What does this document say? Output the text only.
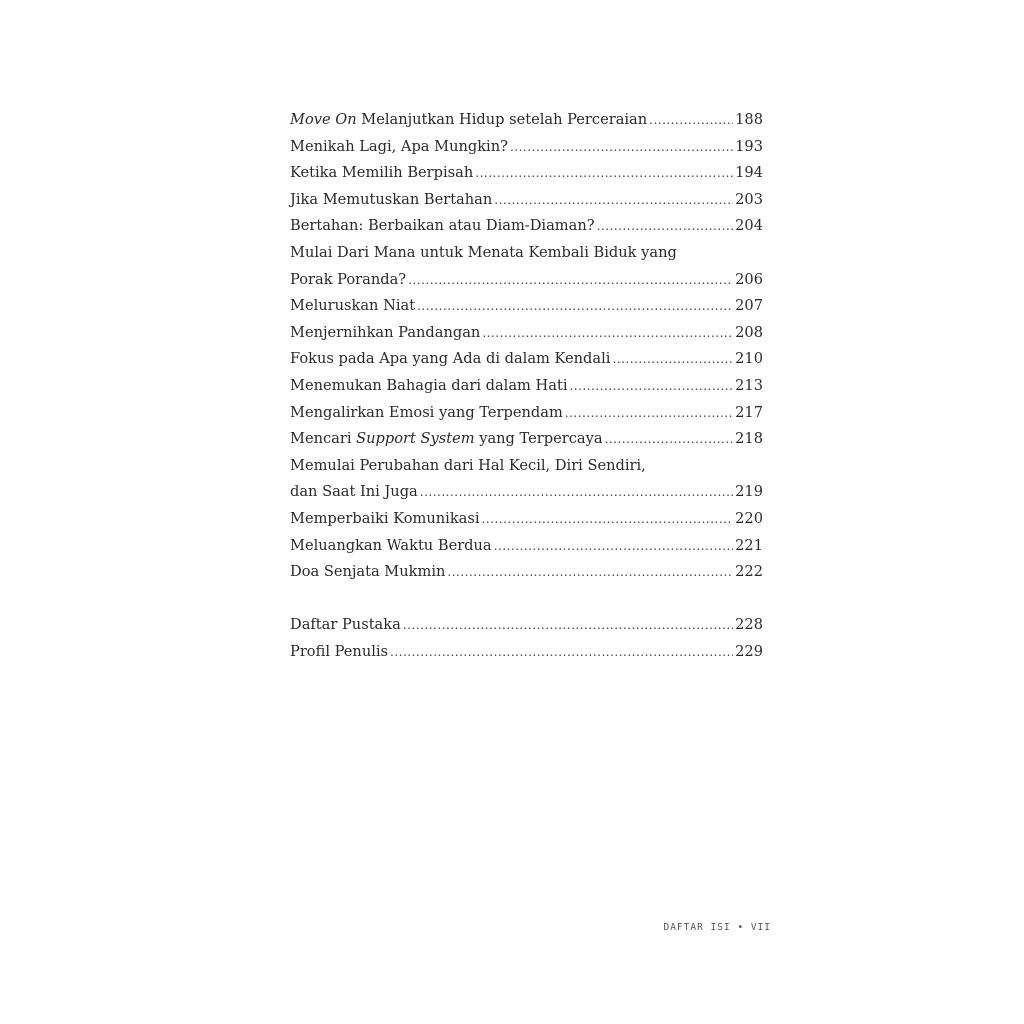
Move On Melanjutkan Hidup setelah Perceraian .....	188
Menikah Lagi, Apa Mungkin? .....	193
Ketika Memilih Berpisah .....	194
Jika Memutuskan Bertahan .....	203
Bertahan: Berbaikan atau Diam-Diaman? .....	204
Mulai Dari Mana untuk Menata Kembali Biduk yang
Porak Poranda? .....	206
Meluruskan Niat .....	207
Menjernihkan Pandangan .....	208
Fokus pada Apa yang Ada di dalam Kendali .....	210
Menemukan Bahagia dari dalam Hati .....	213
Mengalirkan Emosi yang Terpendam .....	217
Mencari Support System yang Terpercaya .....	218
Memulai Perubahan dari Hal Kecil, Diri Sendiri,
dan Saat Ini Juga .....	219
Memperbaiki Komunikasi .....	220
Meluangkan Waktu Berdua .....	221
Doa Senjata Mukmin .....	222
Daftar Pustaka .....	228
Profil Penulis .....	229
DAFTAR ISI • VII
